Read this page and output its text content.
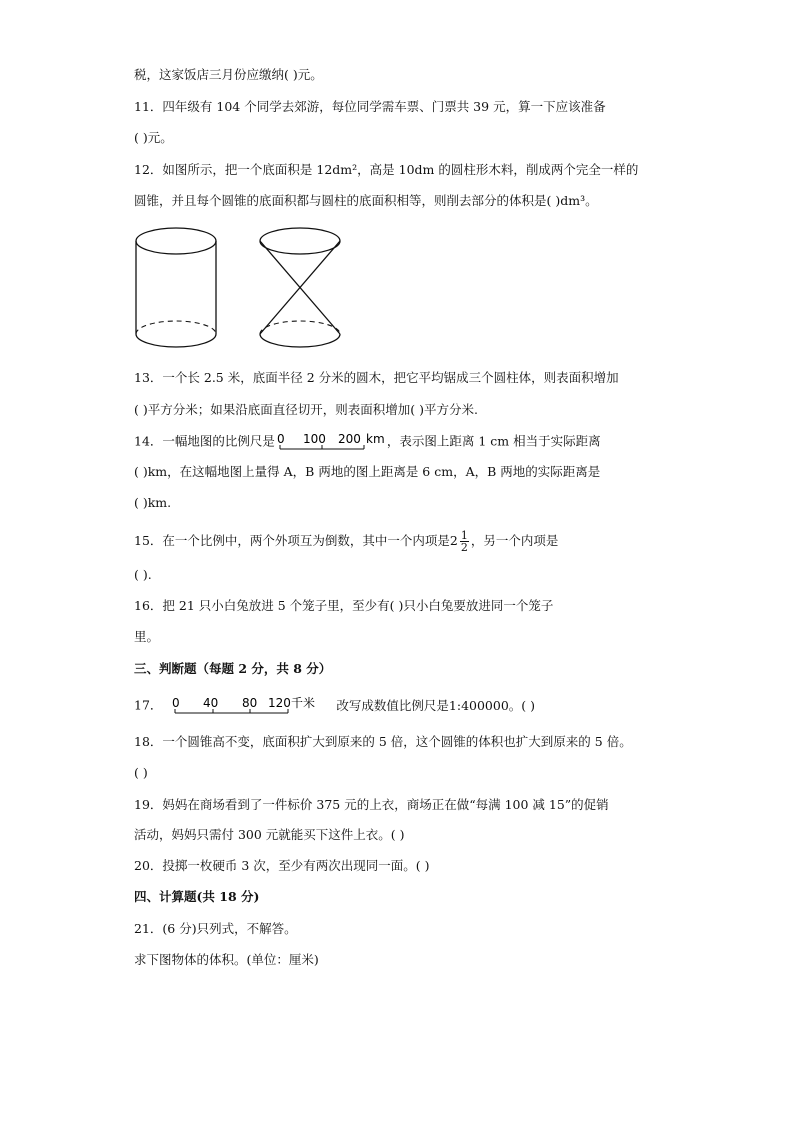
税，这家饭店三月份应缴纳( )元。
11．四年级有 104 个同学去郊游，每位同学需车票、门票共 39 元，算一下应该准备
( )元。
12．如图所示，把一个底面积是 12dm²，高是 10dm 的圆柱形木料，削成两个完全一样的
圆锥，并且每个圆锥的底面积都与圆柱的底面积相等，则削去部分的体积是( )dm³。
13．一个长 2.5 米，底面半径 2 分米的圆木，把它平均锯成三个圆柱体，则表面积增加
( )平方分米；如果沿底面直径切开，则表面积增加( )平方分米.
14．一幅地图的比例尺是 0 100 200 km ，表示图上距离 1 cm 相当于实际距离
( )km，在这幅地图上量得 A，B 两地的图上距离是 6 cm，A，B 两地的实际距离是
( )km.
15．在一个比例中，两个外项互为倒数，其中一个内项是$2 \frac{1}{2}$ ，另一个内项是
( ).
16．把 21 只小白兔放进 5 个笼子里，至少有( )只小白兔要放进同一个笼子
里。
三、判断题（每题 2 分，共 8 分）
17． 0 40 80 120 千米 改写成数值比例尺是1:400000。( )
18．一个圆锥高不变，底面积扩大到原来的 5 倍，这个圆锥的体积也扩大到原来的 5 倍。
( )
19．妈妈在商场看到了一件标价 375 元的上衣，商场正在做“每满 100 减 15”的促销
活动，妈妈只需付 300 元就能买下这件上衣。( )
20．投掷一枚硬币 3 次，至少有两次出现同一面。( )
四、计算题(共 18 分)
21．(6 分)只列式，不解答。
求下图物体的体积。(单位：厘米)
